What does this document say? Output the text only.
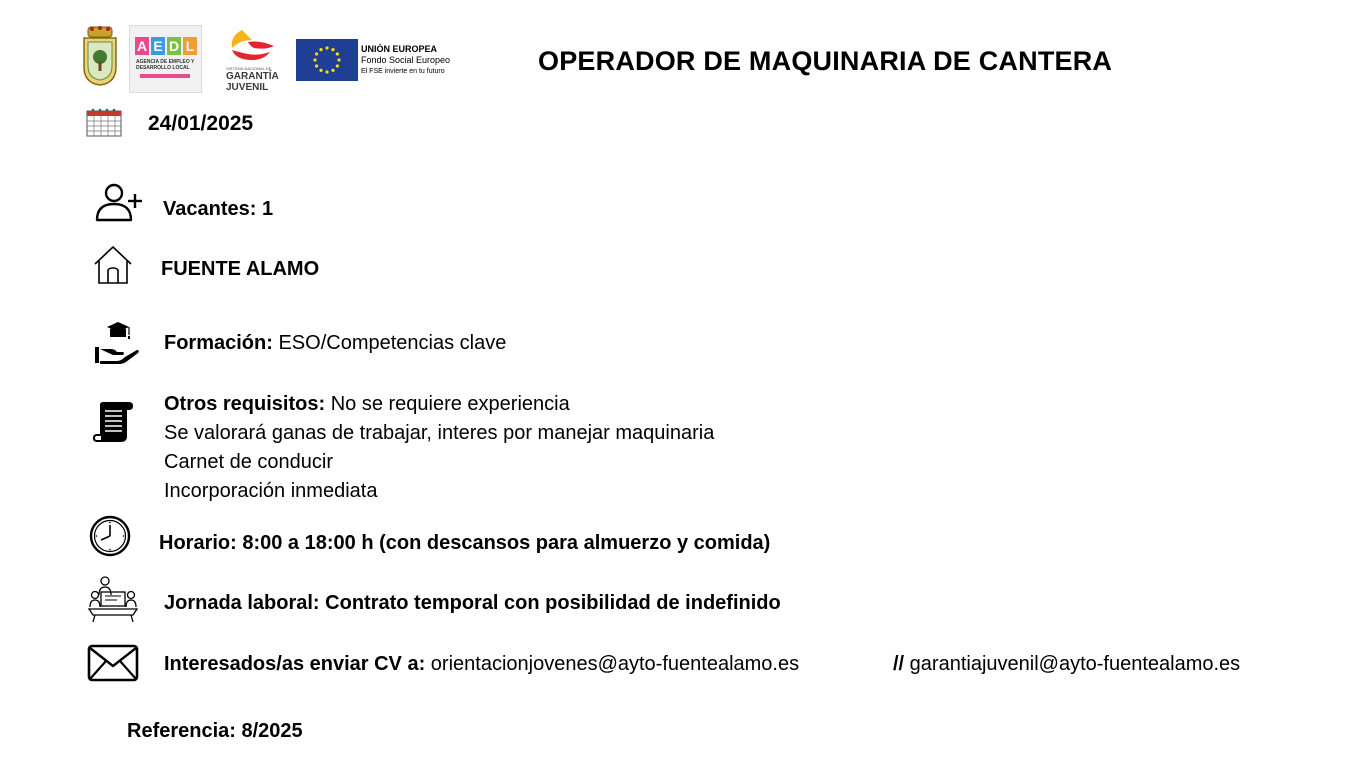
A E D L
AGENCIA DE EMPLEO Y DESARROLLO LOCAL	SISTEMA NACIONAL DE
GARANTÍA
JUVENIL
UNIÓN EUROPEA
Fondo Social Europeo
El FSE invierte en tu futuro	OPERADOR DE MAQUINARIA DE CANTERA
24/01/2025
Vacantes: 1
FUENTE ALAMO
Formación: ESO/Competencias clave
Otros requisitos: No se requiere experiencia
Se valorará ganas de trabajar, interes por manejar maquinaria
Carnet de conducir
Incorporación inmediata
Horario: 8:00 a 18:00 h (con descansos para almuerzo y comida)
Jornada laboral: Contrato temporal con posibilidad de indefinido
Interesados/as enviar CV a: orientacionjovenes@ayto-fuentealamo.es	// garantiajuvenil@ayto-fuentealamo.es
Referencia: 8/2025
